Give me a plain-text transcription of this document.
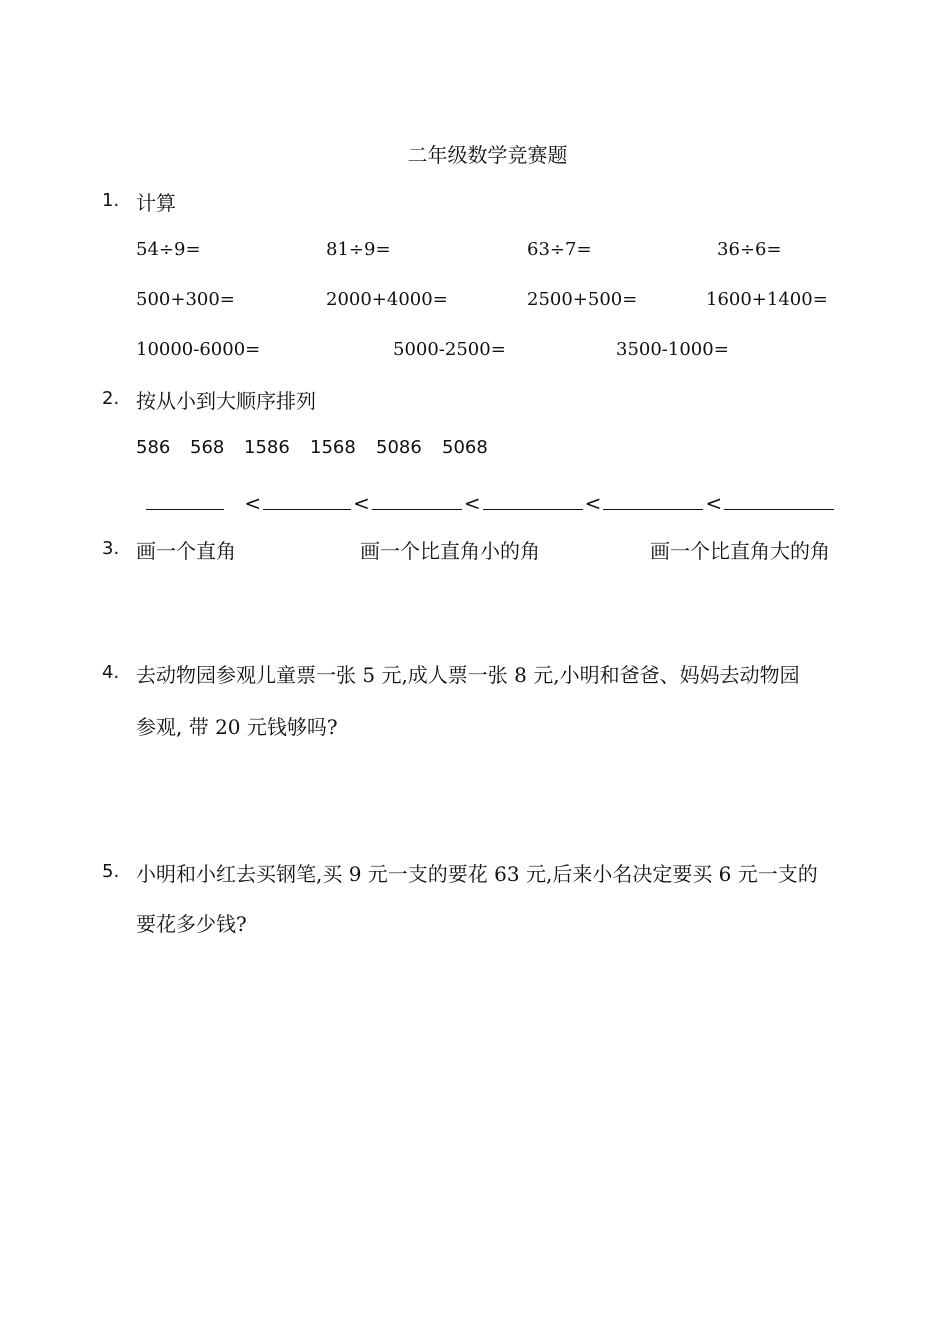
二年级数学竞赛题
1. 计算
54÷9=	81÷9=	63÷7=	36÷6=
500+300=	2000+4000=	2500+500=	1600+1400=
10000-6000=	5000-2500=	3500-1000=
2. 按从小到大顺序排列
586 568 1586 1568 5086 5068
<	<	<	<	<
3. 画一个直角	画一个比直角小的角	画一个比直角大的角
4. 去动物园参观儿童票一张 5 元,成人票一张 8 元,小明和爸爸、妈妈去动物园
参观, 带 20 元钱够吗?
5. 小明和小红去买钢笔,买 9 元一支的要花 63 元,后来小名决定要买 6 元一支的
要花多少钱?
